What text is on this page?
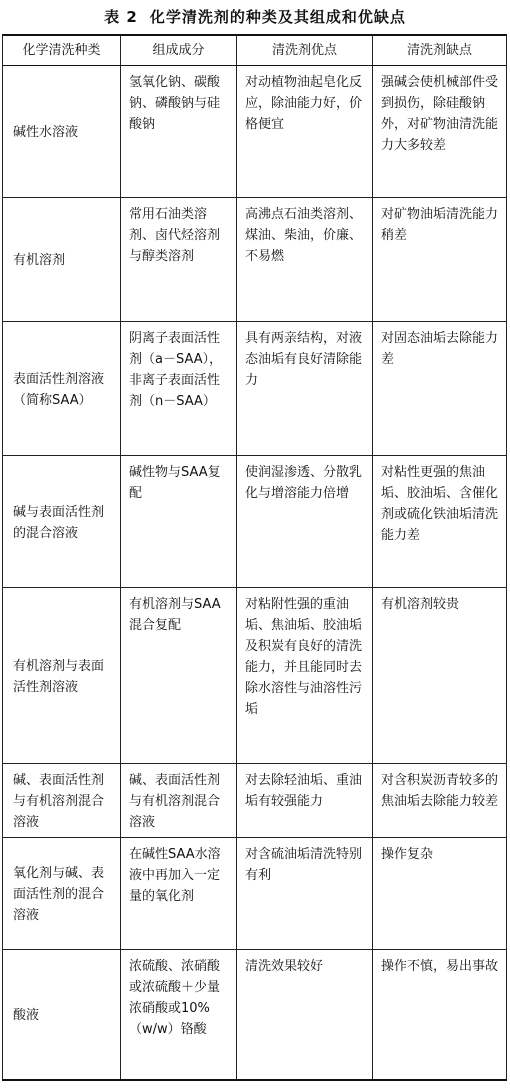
表 2 化学清洗剂的种类及其组成和优缺点
化学清洗种类	组成成分	清洗剂优点	清洗剂缺点
碱性水溶液	氢氧化钠、碳酸钠、磷酸钠与硅酸钠	对动植物油起皂化反应，除油能力好，价格便宜	强碱会使机械部件受到损伤，除硅酸钠外，对矿物油清洗能力大多较差
有机溶剂	常用石油类溶剂、卤代烃溶剂与醇类溶剂	高沸点石油类溶剂、煤油、柴油，价廉、不易燃	对矿物油垢清洗能力稍差
表面活性剂溶液（简称SAA）	阴离子表面活性剂（a－SAA），非离子表面活性剂（n－SAA）	具有两亲结构，对液态油垢有良好清除能力	对固态油垢去除能力差
碱与表面活性剂的混合溶液	碱性物与SAA复配	使润湿渗透、分散乳化与增溶能力倍增	对粘性更强的焦油垢、胶油垢、含催化剂或硫化铁油垢清洗能力差
有机溶剂与表面活性剂溶液	有机溶剂与SAA混合复配	对粘附性强的重油垢、焦油垢、胶油垢及积炭有良好的清洗能力，并且能同时去除水溶性与油溶性污垢	有机溶剂较贵
碱、表面活性剂与有机溶剂混合溶液	碱、表面活性剂与有机溶剂混合溶液	对去除轻油垢、重油垢有较强能力	对含积炭沥青较多的焦油垢去除能力较差
氧化剂与碱、表面活性剂的混合溶液	在碱性SAA水溶液中再加入一定量的氧化剂	对含硫油垢清洗特别有利	操作复杂
酸液	浓硫酸、浓硝酸或浓硫酸＋少量浓硝酸或10%（w/w）铬酸	清洗效果较好	操作不慎，易出事故
